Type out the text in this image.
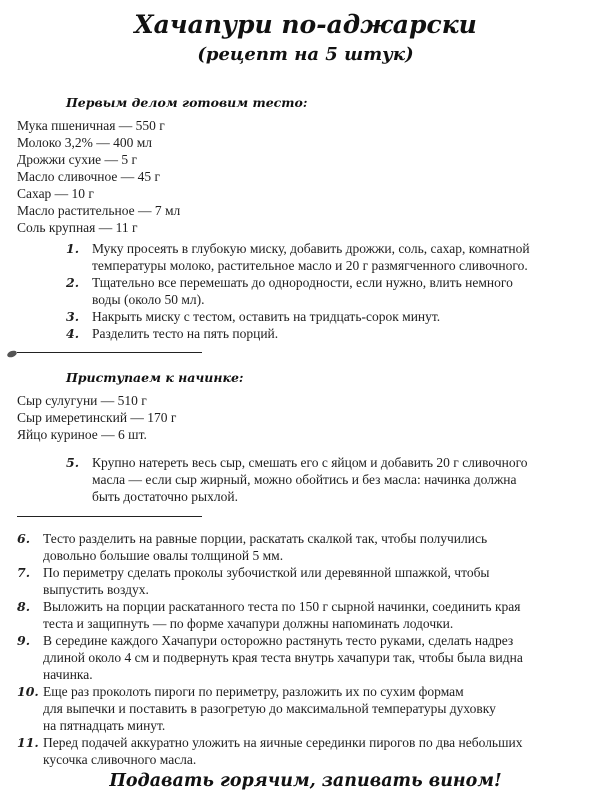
Хачапури по-аджарски
(рецепт на 5 штук)
Первым делом готовим тесто:
Мука пшеничная — 550 г
Молоко 3,2% — 400 мл
Дрожжи сухие — 5 г
Масло сливочное — 45 г
Сахар — 10 г
Масло растительное — 7 мл
Соль крупная — 11 г
1. Муку просеять в глубокую миску, добавить дрожжи, соль, сахар, комнатной
температуры молоко, растительное масло и 20 г размягченного сливочного.
2. Тщательно все перемешать до однородности, если нужно, влить немного
воды (около 50 мл).
3. Накрыть миску с тестом, оставить на тридцать-сорок минут.
4. Разделить тесто на пять порций.
Приступаем к начинке:
Сыр сулугуни — 510 г
Сыр имеретинский — 170 г
Яйцо куриное — 6 шт.
5. Крупно натереть весь сыр, смешать его с яйцом и добавить 20 г сливочного
масла — если сыр жирный, можно обойтись и без масла: начинка должна
быть достаточно рыхлой.
6. Тесто разделить на равные порции, раскатать скалкой так, чтобы получились
довольно большие овалы толщиной 5 мм.
7. По периметру сделать проколы зубочисткой или деревянной шпажкой, чтобы
выпустить воздух.
8. Выложить на порции раскатанного теста по 150 г сырной начинки, соединить края
теста и защипнуть — по форме хачапури должны напоминать лодочки.
9. В середине каждого Хачапури осторожно растянуть тесто руками, сделать надрез
длиной около 4 см и подвернуть края теста внутрь хачапури так, чтобы была видна
начинка.
10. Еще раз проколоть пироги по периметру, разложить их по сухим формам
для выпечки и поставить в разогретую до максимальной температуры духовку
на пятнадцать минут.
11. Перед подачей аккуратно уложить на яичные серединки пирогов по два небольших
кусочка сливочного масла.
Подавать горячим, запивать вином!
